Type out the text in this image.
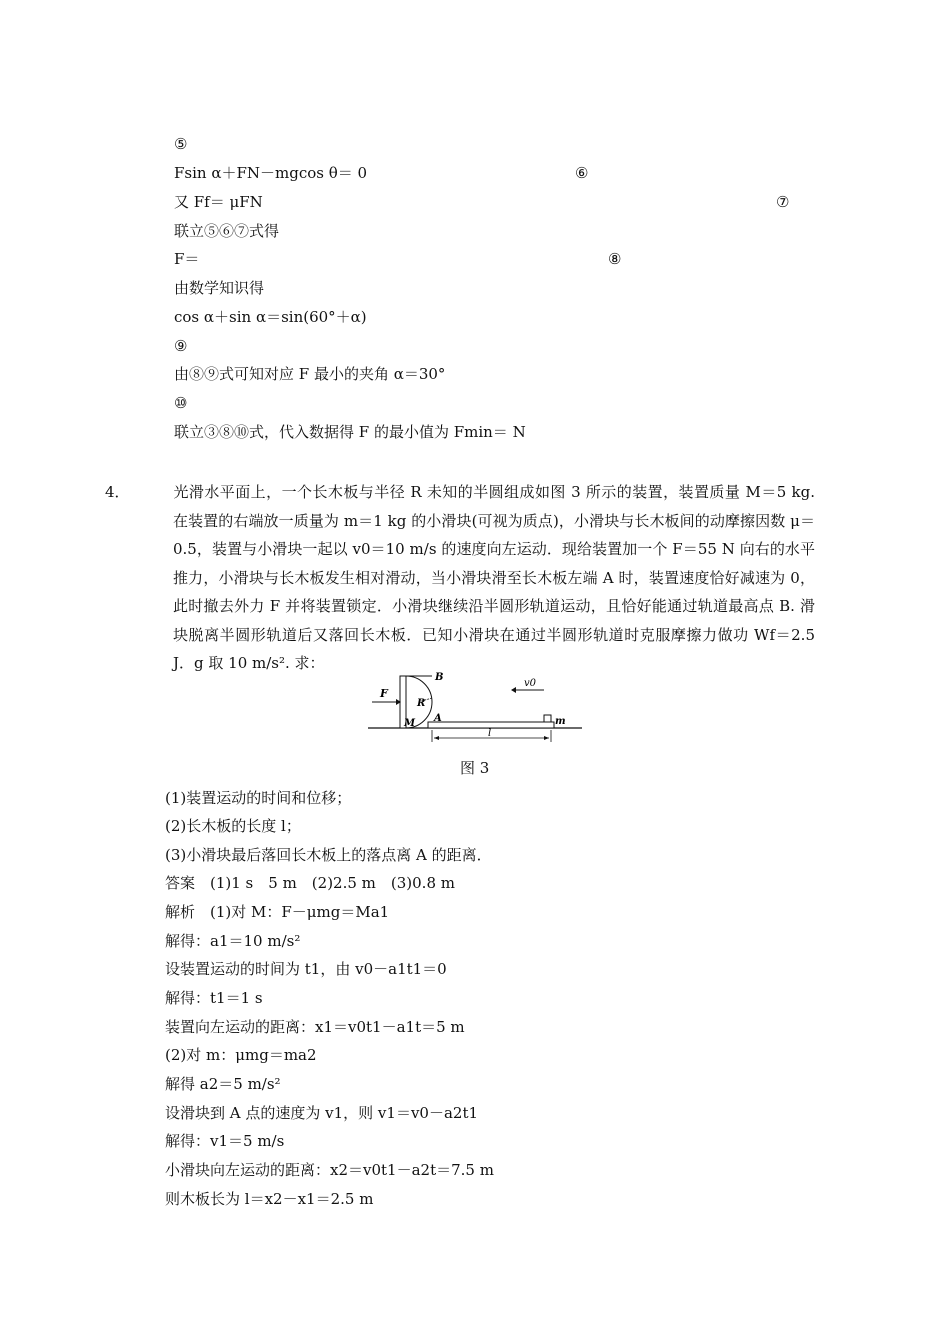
⑤
Fsin α＋FN－mgcos θ＝ 0	⑥
又 Ff＝ μFN	⑦
联立⑤⑥⑦式得
F＝	⑧
由数学知识得
cos α＋sin α＝sin(60°＋α)
⑨
由⑧⑨式可知对应 F 最小的夹角 α＝30°
⑩
联立③⑧⑩式，代入数据得 F 的最小值为 Fmin＝ N

4．	光滑水平面上，一个长木板与半径 R 未知的半圆组成如图 3 所示的装置，装置质量 M＝5 kg. 在装置的右端放一质量为 m＝1 kg 的小滑块(可视为质点)，小滑块与长木板间的动摩擦因数 μ＝0.5，装置与小滑块一起以 v0＝10 m/s 的速度向左运动．现给装置加一个 F＝55 N 向右的水平推力，小滑块与长木板发生相对滑动，当小滑块滑至长木板左端 A 时，装置速度恰好减速为 0，此时撤去外力 F 并将装置锁定．小滑块继续沿半圆形轨道运动，且恰好能通过轨道最高点 B. 滑块脱离半圆形轨道后又落回长木板．已知小滑块在通过半圆形轨道时克服摩擦力做功 Wf＝2.5 J．g 取 10 m/s². 求：

F
B
R
M A
v0
m
l
图 3
(1)装置运动的时间和位移；
(2)长木板的长度 l；
(3)小滑块最后落回长木板上的落点离 A 的距离．
答案　(1)1 s　5 m　(2)2.5 m　(3)0.8 m
解析　(1)对 M：F－μmg＝Ma1
解得：a1＝10 m/s²
设装置运动的时间为 t1，由 v0－a1t1＝0
解得：t1＝1 s
装置向左运动的距离：x1＝v0t1－a1t＝5 m
(2)对 m：μmg＝ma2
解得 a2＝5 m/s²
设滑块到 A 点的速度为 v1，则 v1＝v0－a2t1
解得：v1＝5 m/s
小滑块向左运动的距离：x2＝v0t1－a2t＝7.5 m
则木板长为 l＝x2－x1＝2.5 m
